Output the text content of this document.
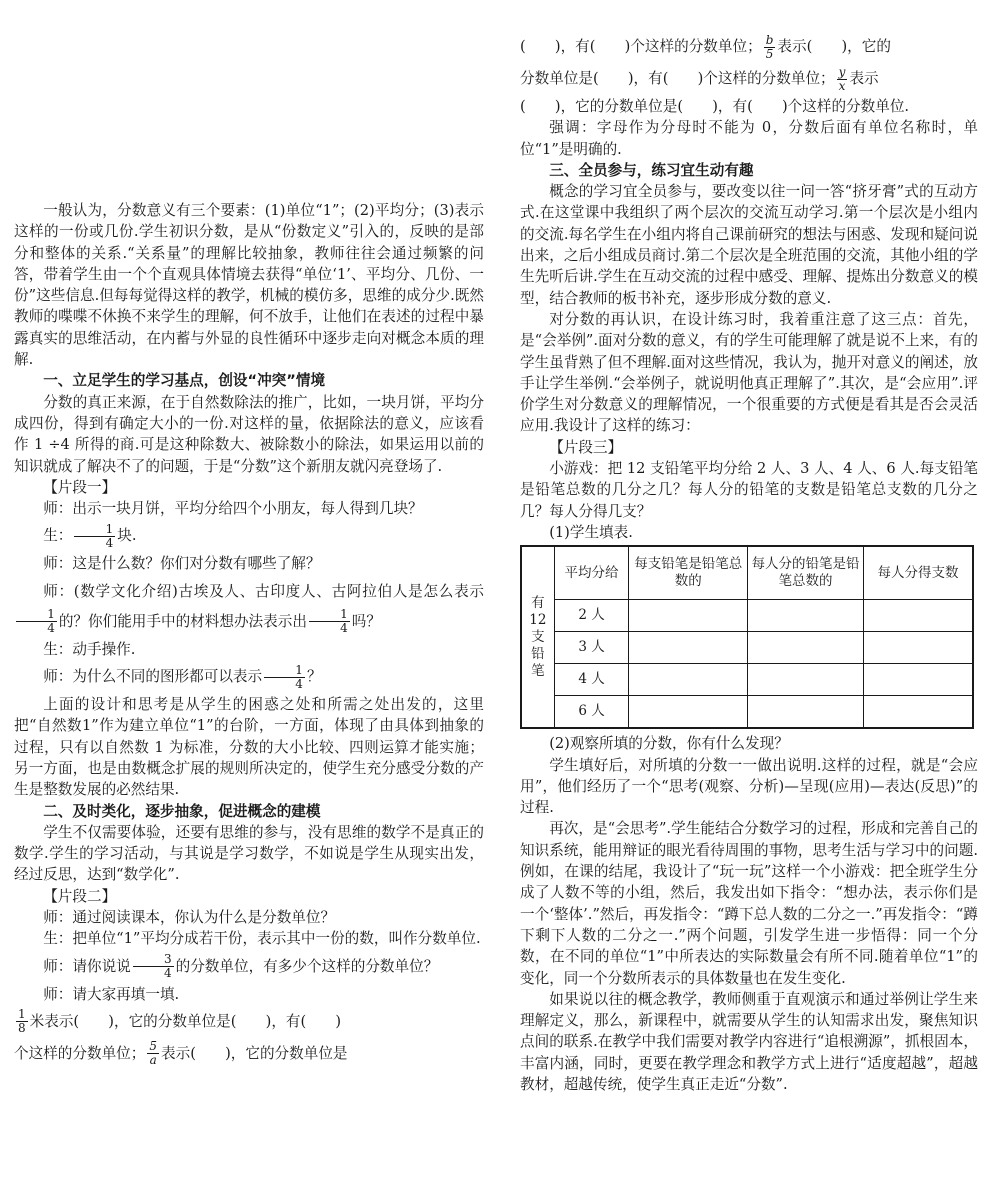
一般认为，分数意义有三个要素：(1)单位“1”；(2)平均分；(3)表示这样的一份或几份.学生初识分数，是从“份数定义”引入的，反映的是部分和整体的关系.“关系量”的理解比较抽象，教师往往会通过频繁的问答，带着学生由一个个直观具体情境去获得“单位‘1’、平均分、几份、一份”这些信息.但每每觉得这样的教学，机械的模仿多，思维的成分少.既然教师的喋喋不休换不来学生的理解，何不放手，让他们在表述的过程中暴露真实的思维活动，在内蓄与外显的良性循环中逐步走向对概念本质的理解.

一、立足学生的学习基点，创设“冲突”情境

分数的真正来源，在于自然数除法的推广，比如，一块月饼，平均分成四份，得到有确定大小的一份.对这样的量，依据除法的意义，应该看作 1 ÷4 所得的商.可是这种除数大、被除数小的除法，如果运用以前的知识就成了解决不了的问题，于是“分数”这个新朋友就闪亮登场了.

【片段一】

师：出示一块月饼，平均分给四个小朋友，每人得到几块？

生： $\frac{1}{4}$ 块.

师：这是什么数？你们对分数有哪些了解？

师：(数学文化介绍)古埃及人、古印度人、古阿拉伯人是怎么表示
$\frac{1}{4}$ 的？你们能用手中的材料想办法表示出 $\frac{1}{4}$ 吗？

生：动手操作.

师：为什么不同的图形都可以表示 $\frac{1}{4}$ ？

上面的设计和思考是从学生的困惑之处和所需之处出发的，这里把“自然数1”作为建立单位“1”的台阶，一方面，体现了由具体到抽象的过程，只有以自然数 1 为标准，分数的大小比较、四则运算才能实施；另一方面，也是由数概念扩展的规则所决定的，使学生充分感受分数的产生是整数发展的必然结果.

二、及时类化，逐步抽象，促进概念的建模

学生不仅需要体验，还要有思维的参与，没有思维的数学不是真正的数学.学生的学习活动，与其说是学习数学，不如说是学生从现实出发，经过反思，达到“数学化”.

【片段二】

师：通过阅读课本，你认为什么是分数单位？

生：把单位“1”平均分成若干份，表示其中一份的数，叫作分数单位.

师：请你说说 $\frac{3}{4}$ 的分数单位，有多少个这样的分数单位？

师：请大家再填一填.

$\frac{1}{8}$ 米表示(　　)，它的分数单位是(　　)，有(　　)

个这样的分数单位； $\frac{5}{a}$ 表示(　　)，它的分数单位是

(　　)，有(　　)个这样的分数单位； $\frac{b}{5}$ 表示(　　)，它的

分数单位是(　　)，有(　　)个这样的分数单位； $\frac{y}{x}$ 表示

(　　)，它的分数单位是(　　)，有(　　)个这样的分数单位.

强调：字母作为分母时不能为 0，分数后面有单位名称时，单位“1”是明确的.

三、全员参与，练习宜生动有趣

概念的学习宜全员参与，要改变以往一问一答“挤牙膏”式的互动方式.在这堂课中我组织了两个层次的交流互动学习.第一个层次是小组内的交流.每名学生在小组内将自己课前研究的想法与困惑、发现和疑问说出来，之后小组成员商讨.第二个层次是全班范围的交流，其他小组的学生先听后讲.学生在互动交流的过程中感受、理解、提炼出分数意义的模型，结合教师的板书补充，逐步形成分数的意义.

对分数的再认识，在设计练习时，我着重注意了这三点：首先，是“会举例”.面对分数的意义，有的学生可能理解了就是说不上来，有的学生虽背熟了但不理解.面对这些情况，我认为，抛开对意义的阐述，放手让学生举例.“会举例子，就说明他真正理解了”.其次，是“会应用”.评价学生对分数意义的理解情况，一个很重要的方式便是看其是否会灵活应用.我设计了这样的练习：

【片段三】

小游戏：把 12 支铅笔平均分给 2 人、3 人、4 人、6 人.每支铅笔是铅笔总数的几分之几？每人分的铅笔的支数是铅笔总支数的几分之几？每人分得几支？

(1)学生填表.

有
12
支
铅
笔	平均分给	每支铅笔是铅笔总数的	每人分的铅笔是铅笔总数的	每人分得支数
	2 人			
	3 人			
	4 人			
	6 人			

(2)观察所填的分数，你有什么发现？

学生填好后，对所填的分数一一做出说明.这样的过程，就是“会应用”，他们经历了一个“思考(观察、分析)—呈现(应用)—表达(反思)”的过程.

再次，是“会思考”.学生能结合分数学习的过程，形成和完善自己的知识系统，能用辩证的眼光看待周围的事物，思考生活与学习中的问题.例如，在课的结尾，我设计了“玩一玩”这样一个小游戏：把全班学生分成了人数不等的小组，然后，我发出如下指令：“想办法，表示你们是一个‘整体’.”然后，再发指令：“蹲下总人数的二分之一.”再发指令：“蹲下剩下人数的二分之一.”两个问题，引发学生进一步悟得：同一个分数，在不同的单位“1”中所表达的实际数量会有所不同.随着单位“1”的变化，同一个分数所表示的具体数量也在发生变化.

如果说以往的概念教学，教师侧重于直观演示和通过举例让学生来理解定义，那么，新课程中，就需要从学生的认知需求出发，聚焦知识点间的联系.在教学中我们需要对教学内容进行“追根溯源”，抓根固本，丰富内涵，同时，更要在教学理念和教学方式上进行“适度超越”，超越教材，超越传统，使学生真正走近“分数”.
